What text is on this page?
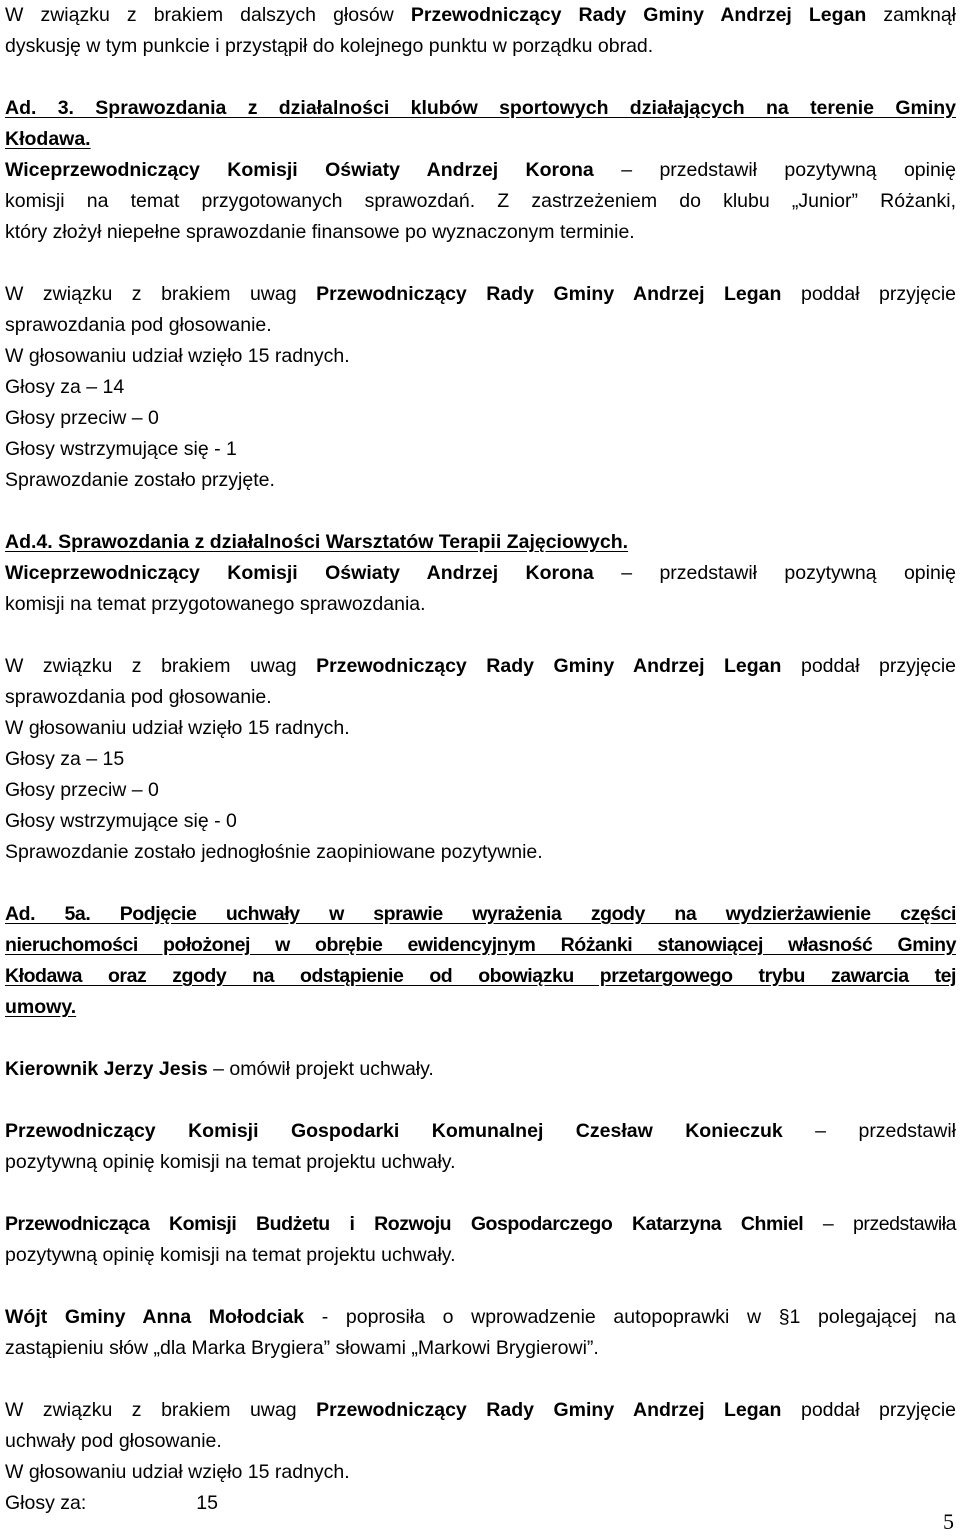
W związku z brakiem dalszych głosów Przewodniczący Rady Gminy Andrzej Legan zamknął

dyskusję w tym punkcie i przystąpił do kolejnego punktu w porządku obrad.

Ad. 3. Sprawozdania z działalności klubów sportowych działających na terenie Gminy

Kłodawa.

Wiceprzewodniczący Komisji Oświaty Andrzej Korona – przedstawił pozytywną opinię

komisji na temat przygotowanych sprawozdań. Z zastrzeżeniem do klubu „Junior” Różanki,

który złożył niepełne sprawozdanie finansowe po wyznaczonym terminie.

W związku z brakiem uwag Przewodniczący Rady Gminy Andrzej Legan poddał przyjęcie

sprawozdania pod głosowanie.

W głosowaniu udział wzięło 15 radnych.

Głosy za – 14

Głosy przeciw – 0

Głosy wstrzymujące się - 1

Sprawozdanie zostało przyjęte.

Ad.4. Sprawozdania z działalności Warsztatów Terapii Zajęciowych.

Wiceprzewodniczący Komisji Oświaty Andrzej Korona – przedstawił pozytywną opinię

komisji na temat przygotowanego sprawozdania.

W związku z brakiem uwag Przewodniczący Rady Gminy Andrzej Legan poddał przyjęcie

sprawozdania pod głosowanie.

W głosowaniu udział wzięło 15 radnych.

Głosy za – 15

Głosy przeciw – 0

Głosy wstrzymujące się - 0

Sprawozdanie zostało jednogłośnie zaopiniowane pozytywnie.

Ad. 5a. Podjęcie uchwały w sprawie wyrażenia zgody na wydzierżawienie części

nieruchomości położonej w obrębie ewidencyjnym Różanki stanowiącej własność Gminy

Kłodawa oraz zgody na odstąpienie od obowiązku przetargowego trybu zawarcia tej

umowy.

Kierownik Jerzy Jesis – omówił projekt uchwały.

Przewodniczący Komisji Gospodarki Komunalnej Czesław Konieczuk – przedstawił

pozytywną opinię komisji na temat projektu uchwały.

Przewodnicząca Komisji Budżetu i Rozwoju Gospodarczego Katarzyna Chmiel – przedstawiła

pozytywną opinię komisji na temat projektu uchwały.

Wójt Gminy Anna Mołodciak - poprosiła o wprowadzenie autopoprawki w §1 polegającej na

zastąpieniu słów „dla Marka Brygiera” słowami „Markowi Brygierowi”.

W związku z brakiem uwag Przewodniczący Rady Gminy Andrzej Legan poddał przyjęcie

uchwały pod głosowanie.

W głosowaniu udział wzięło 15 radnych.

Głosy za:	15

5
